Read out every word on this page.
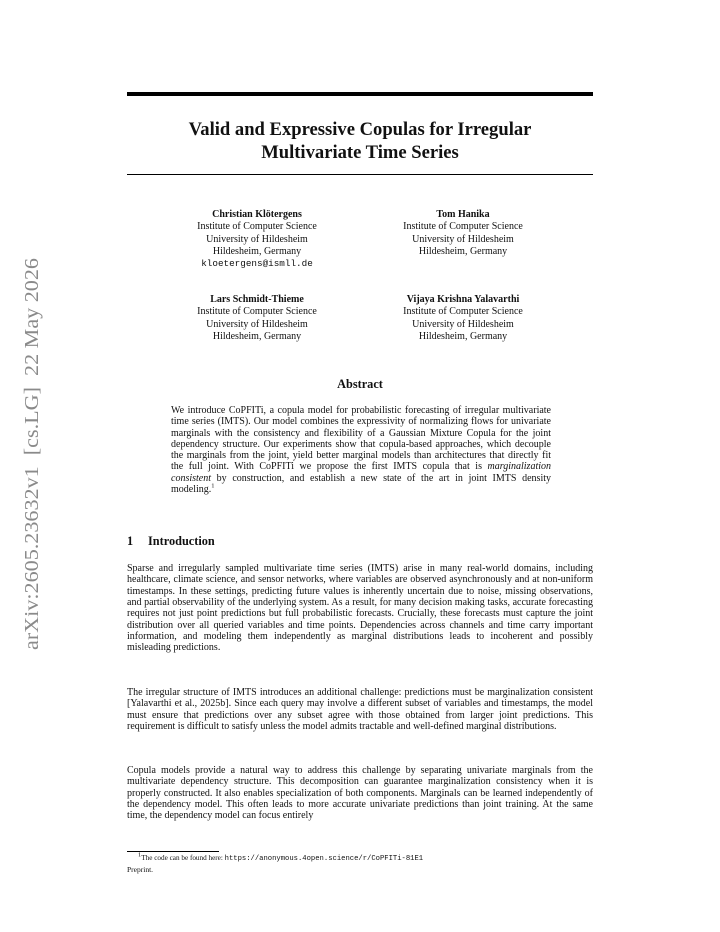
arXiv:2605.23632v1  [cs.LG]  22 May 2026
Valid and Expressive Copulas for Irregular
Multivariate Time Series
Christian Klötergens
Institute of Computer Science
University of Hildesheim
Hildesheim, Germany
kloetergens@ismll.de
Tom Hanika
Institute of Computer Science
University of Hildesheim
Hildesheim, Germany
Lars Schmidt-Thieme
Institute of Computer Science
University of Hildesheim
Hildesheim, Germany
Vijaya Krishna Yalavarthi
Institute of Computer Science
University of Hildesheim
Hildesheim, Germany
Abstract

We introduce CoPFITi, a copula model for probabilistic forecasting of irregular multivariate time series (IMTS). Our model combines the expressivity of normalizing flows for univariate marginals with the consistency and flexibility of a Gaussian Mixture Copula for the joint dependency structure. Our experiments show that copula-based approaches, which decouple the marginals from the joint, yield better marginal models than architectures that directly fit the full joint. With CoPFITi we propose the first IMTS copula that is marginalization consistent by construction, and establish a new state of the art in joint IMTS density modeling.$^1$

1 Introduction

Sparse and irregularly sampled multivariate time series (IMTS) arise in many real-world domains, including healthcare, climate science, and sensor networks, where variables are observed asynchronously and at non-uniform timestamps. In these settings, predicting future values is inherently uncertain due to noise, missing observations, and partial observability of the underlying system. As a result, for many decision making tasks, accurate forecasting requires not just point predictions but full probabilistic forecasts. Crucially, these forecasts must capture the joint distribution over all queried variables and time points. Dependencies across channels and time carry important information, and modeling them independently as marginal distributions leads to incoherent and possibly misleading predictions.

The irregular structure of IMTS introduces an additional challenge: predictions must be marginalization consistent [Yalavarthi et al., 2025b]. Since each query may involve a different subset of variables and timestamps, the model must ensure that predictions over any subset agree with those obtained from larger joint predictions. This requirement is difficult to satisfy unless the model admits tractable and well-defined marginal distributions.

Copula models provide a natural way to address this challenge by separating univariate marginals from the multivariate dependency structure. This decomposition can guarantee marginalization consistency when it is properly constructed. It also enables specialization of both components. Marginals can be learned independently of the dependency model. This often leads to more accurate univariate predictions than joint training. At the same time, the dependency model can focus entirely

$^1$The code can be found here: https://anonymous.4open.science/r/CoPFITi-81E1

Preprint.
